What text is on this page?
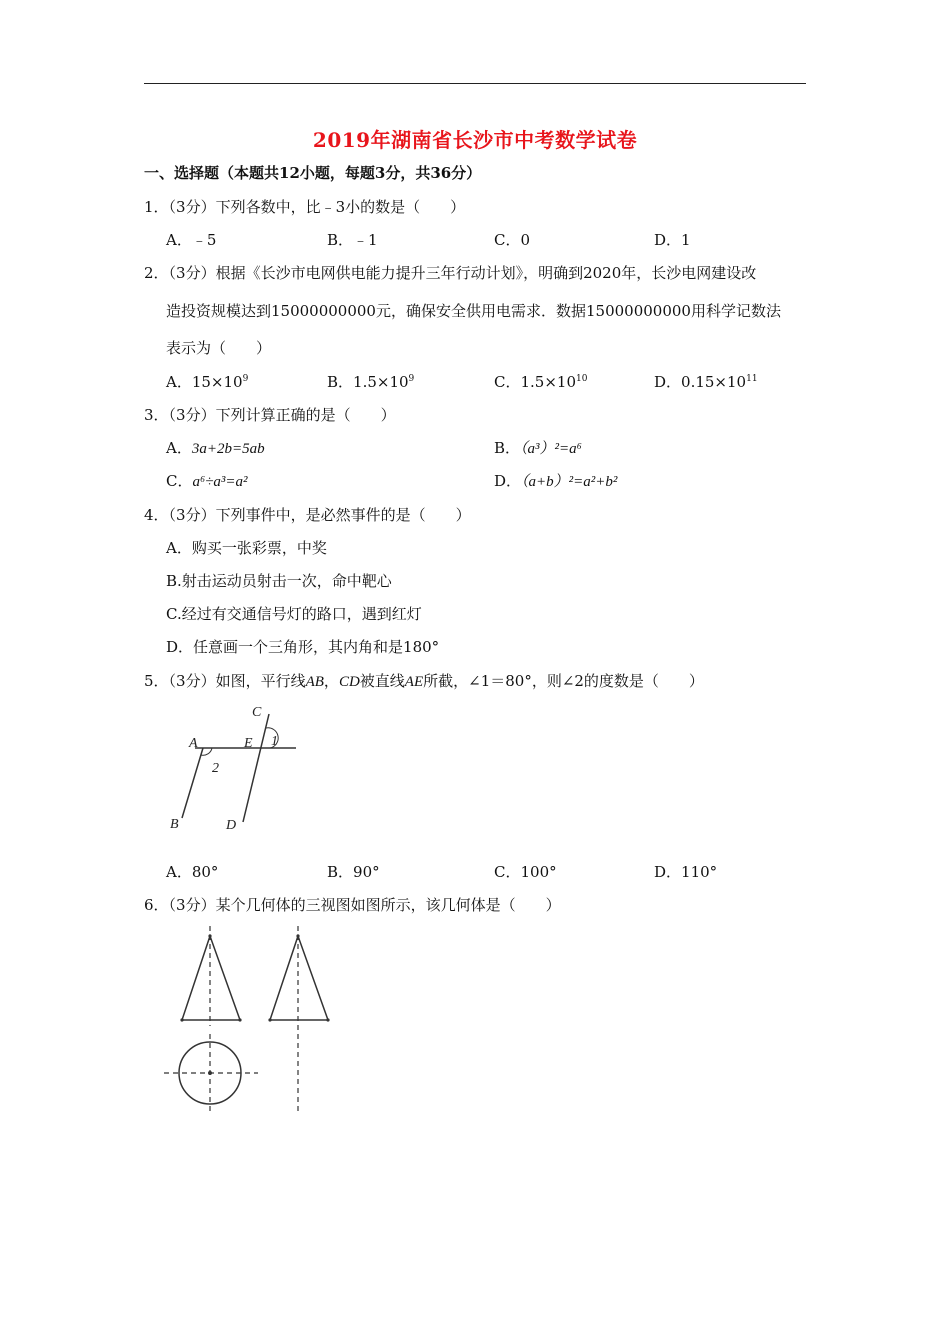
2019年湖南省长沙市中考数学试卷
一、选择题（本题共12小题，每题3分，共36分）
1．（3分）下列各数中，比﹣3小的数是（　　）
A．﹣5	B．﹣1	C．0	D．1
2．（3分）根据《长沙市电网供电能力提升三年行动计划》，明确到2020年，长沙电网建设改
造投资规模达到15000000000元，确保安全供用电需求．数据15000000000用科学记数法
表示为（　　）
A．$15\times 10^9$	B．$1.5\times 10^9$	C．$1.5\times 10^{10}$	D．$0.15\times 10^{11}$
3．（3分）下列计算正确的是（　　）
A．3a+2b=5ab	B．（a³）²=a⁶
C．a⁶÷a³=a²	D．（a+b）²=a²+b²
4．（3分）下列事件中，是必然事件的是（　　）
A．购买一张彩票，中奖
B.射击运动员射击一次，命中靶心
C.经过有交通信号灯的路口，遇到红灯
D．任意画一个三角形，其内角和是180°
5．（3分）如图，平行线AB，CD被直线AE所截，∠1＝80°，则∠2的度数是（　　）
C
A	E 1
2
B	D
A．80°	B．90°	C．100°	D．110°
6．（3分）某个几何体的三视图如图所示，该几何体是（　　）
